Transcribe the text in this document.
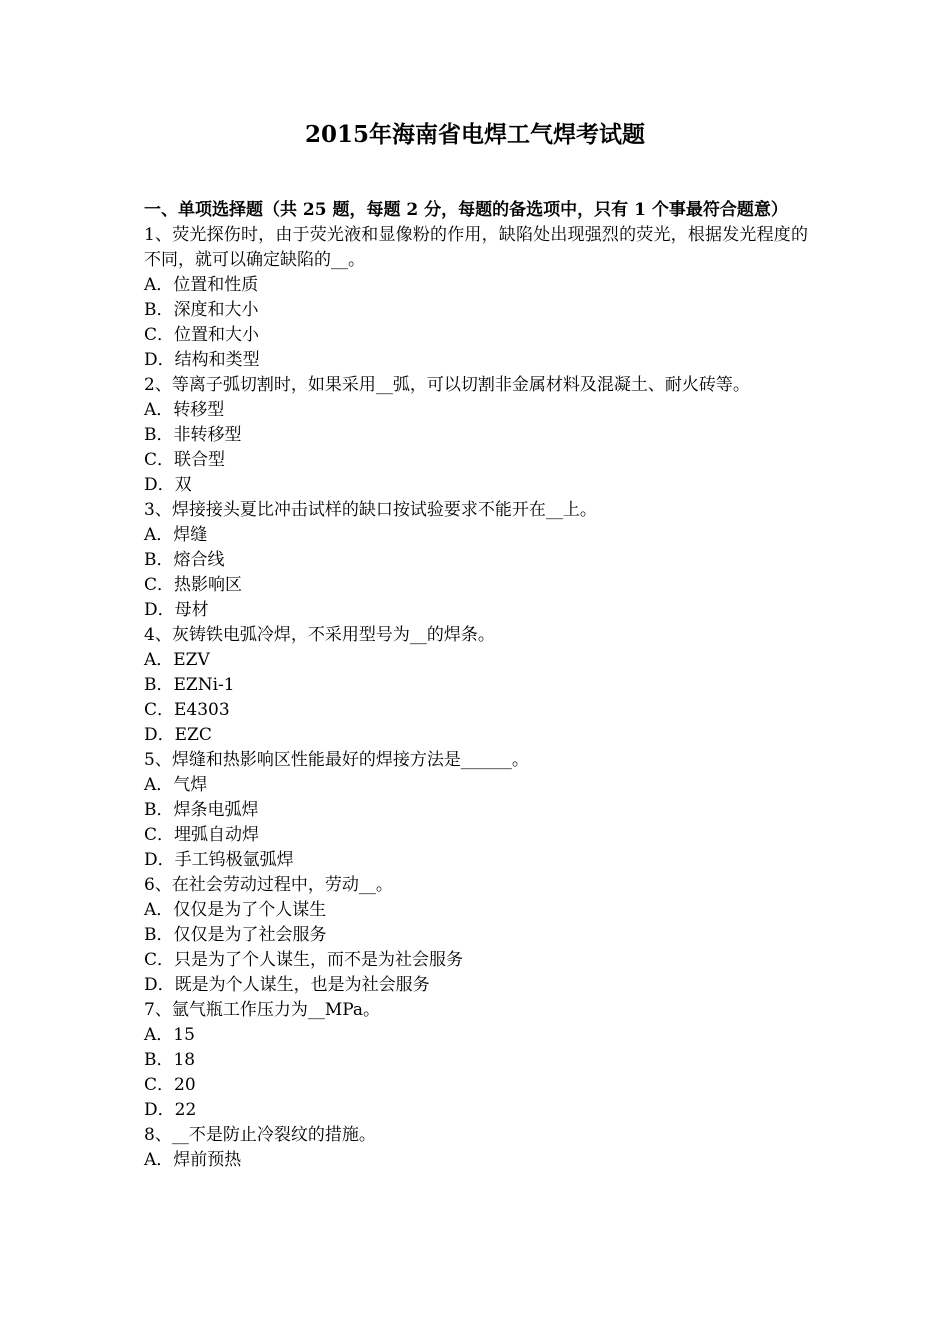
2015年海南省电焊工气焊考试题
一、单项选择题（共 25 题，每题 2 分，每题的备选项中，只有 1 个事最符合题意）
1、荧光探伤时，由于荧光液和显像粉的作用，缺陷处出现强烈的荧光，根据发光程度的不同，就可以确定缺陷的__。
A．位置和性质
B．深度和大小
C．位置和大小
D．结构和类型
2、等离子弧切割时，如果采用__弧，可以切割非金属材料及混凝土、耐火砖等。
A．转移型
B．非转移型
C．联合型
D．双
3、焊接接头夏比冲击试样的缺口按试验要求不能开在__上。
A．焊缝
B．熔合线
C．热影响区
D．母材
4、灰铸铁电弧冷焊，不采用型号为__的焊条。
A．EZV
B．EZNi-1
C．E4303
D．EZC
5、焊缝和热影响区性能最好的焊接方法是______。
A．气焊
B．焊条电弧焊
C．埋弧自动焊
D．手工钨极氩弧焊
6、在社会劳动过程中，劳动__。
A．仅仅是为了个人谋生
B．仅仅是为了社会服务
C．只是为了个人谋生，而不是为社会服务
D．既是为个人谋生，也是为社会服务
7、氩气瓶工作压力为__MPa。
A．15
B．18
C．20
D．22
8、__不是防止冷裂纹的措施。
A．焊前预热
